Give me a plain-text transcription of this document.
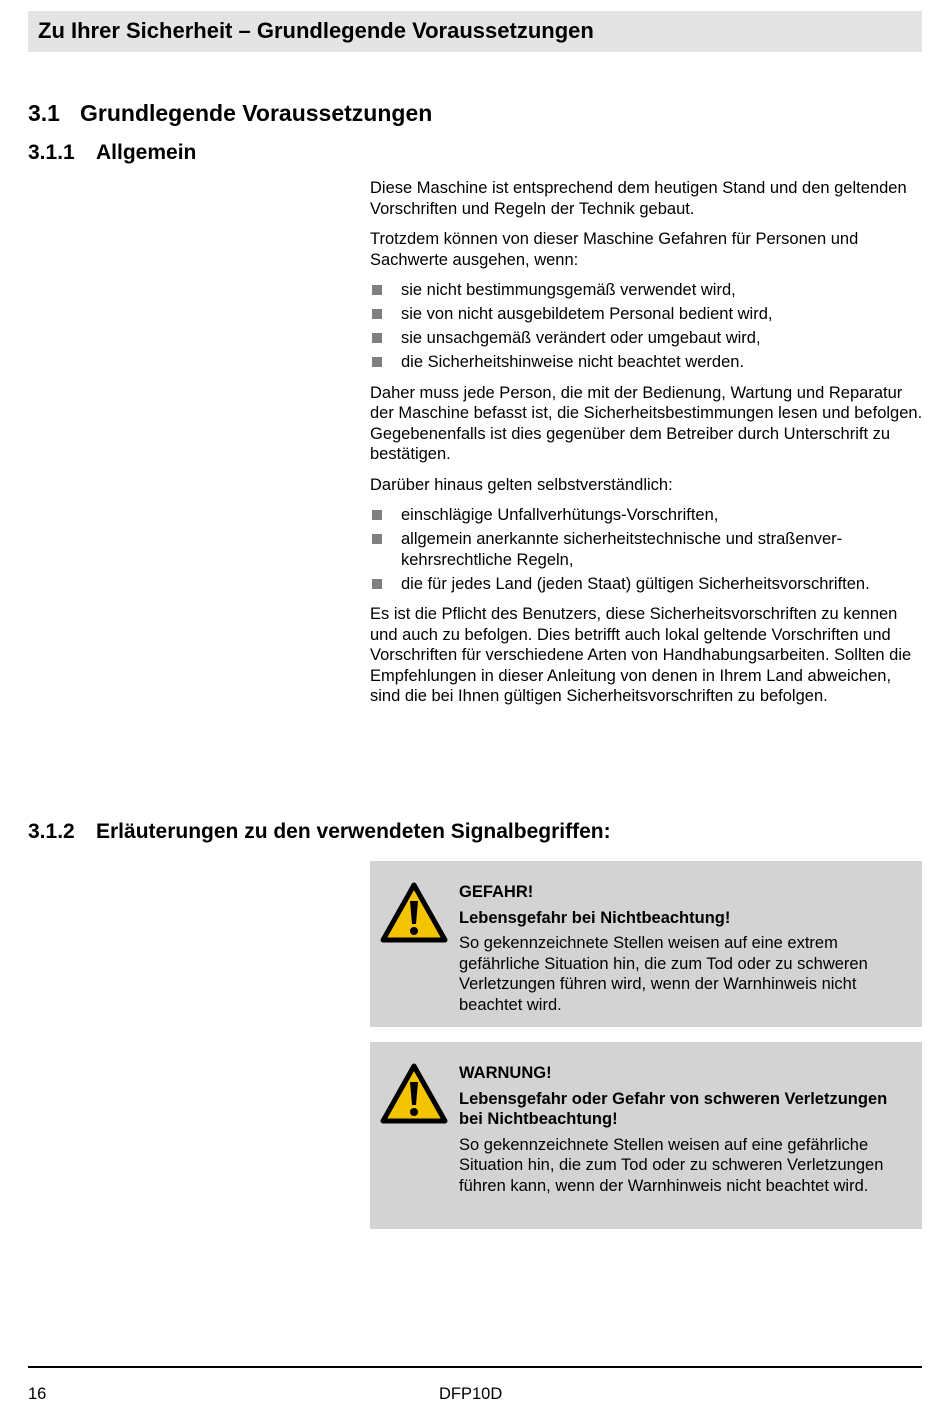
Zu Ihrer Sicherheit – Grundlegende Voraussetzungen
3.1 Grundlegende Voraussetzungen
3.1.1 Allgemein

Diese Maschine ist entsprechend dem heutigen Stand und den geltenden Vorschriften und Regeln der Technik gebaut.

Trotzdem können von dieser Maschine Gefahren für Personen und Sachwerte ausgehen, wenn:

sie nicht bestimmungsgemäß verwendet wird,
sie von nicht ausgebildetem Personal bedient wird,
sie unsachgemäß verändert oder umgebaut wird,
die Sicherheitshinweise nicht beachtet werden.

Daher muss jede Person, die mit der Bedienung, Wartung und Reparatur der Maschine befasst ist, die Sicherheitsbestimmungen lesen und befolgen. Gegebenenfalls ist dies gegenüber dem Betreiber durch Unterschrift zu bestätigen.

Darüber hinaus gelten selbstverständlich:

einschlägige Unfallverhütungs-Vorschriften,
allgemein anerkannte sicherheitstechnische und straßenverkehrsrechtliche Regeln,
die für jedes Land (jeden Staat) gültigen Sicherheitsvorschriften.

Es ist die Pflicht des Benutzers, diese Sicherheitsvorschriften zu kennen und auch zu befolgen. Dies betrifft auch lokal geltende Vorschriften und Vorschriften für verschiedene Arten von Handhabungsarbeiten. Sollten die Empfehlungen in dieser Anleitung von denen in Ihrem Land abweichen, sind die bei Ihnen gültigen Sicherheitsvorschriften zu befolgen.

3.1.2 Erläuterungen zu den verwendeten Signalbegriffen:
GEFAHR!
Lebensgefahr bei Nichtbeachtung!
So gekennzeichnete Stellen weisen auf eine extrem gefährliche Situation hin, die zum Tod oder zu schweren Verletzungen führen wird, wenn der Warnhinweis nicht beachtet wird.
WARNUNG!
Lebensgefahr oder Gefahr von schweren Verletzungen bei Nichtbeachtung!
So gekennzeichnete Stellen weisen auf eine gefährliche Situation hin, die zum Tod oder zu schweren Verletzungen führen kann, wenn der Warnhinweis nicht beachtet wird.
16	DFP10D
